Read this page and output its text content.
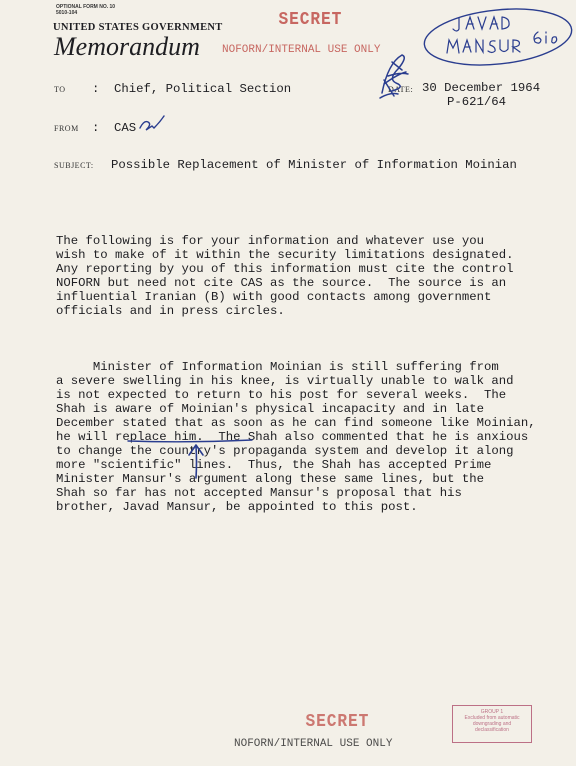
OPTIONAL FORM NO. 10
5010-104
UNITED STATES GOVERNMENT
Memorandum
SECRET
NOFORN/INTERNAL USE ONLY
TO : Chief, Political Section	DATE: 30 December 1964
P-621/64
FROM : CAS
SUBJECT: Possible Replacement of Minister of Information Moinian

The following is for your information and whatever use you
wish to make of it within the security limitations designated.
Any reporting by you of this information must cite the control
NOFORN but need not cite CAS as the source.  The source is an
influential Iranian (B) with good contacts among government
officials and in press circles.

Minister of Information Moinian is still suffering from
a severe swelling in his knee, is virtually unable to walk and
is not expected to return to his post for several weeks.  The
Shah is aware of Moinian's physical incapacity and in late
December stated that as soon as he can find someone like Moinian,
he will replace him.  The Shah also commented that he is anxious
to change the country's propaganda system and develop it along
more "scientific" lines.  Thus, the Shah has accepted Prime
Minister Mansur's argument along these same lines, but the
Shah so far has not accepted Mansur's proposal that his
brother, Javad Mansur, be appointed to this post.

SECRET
NOFORN/INTERNAL USE ONLY
GROUP 1
Excluded from automatic
downgrading and
declassification
